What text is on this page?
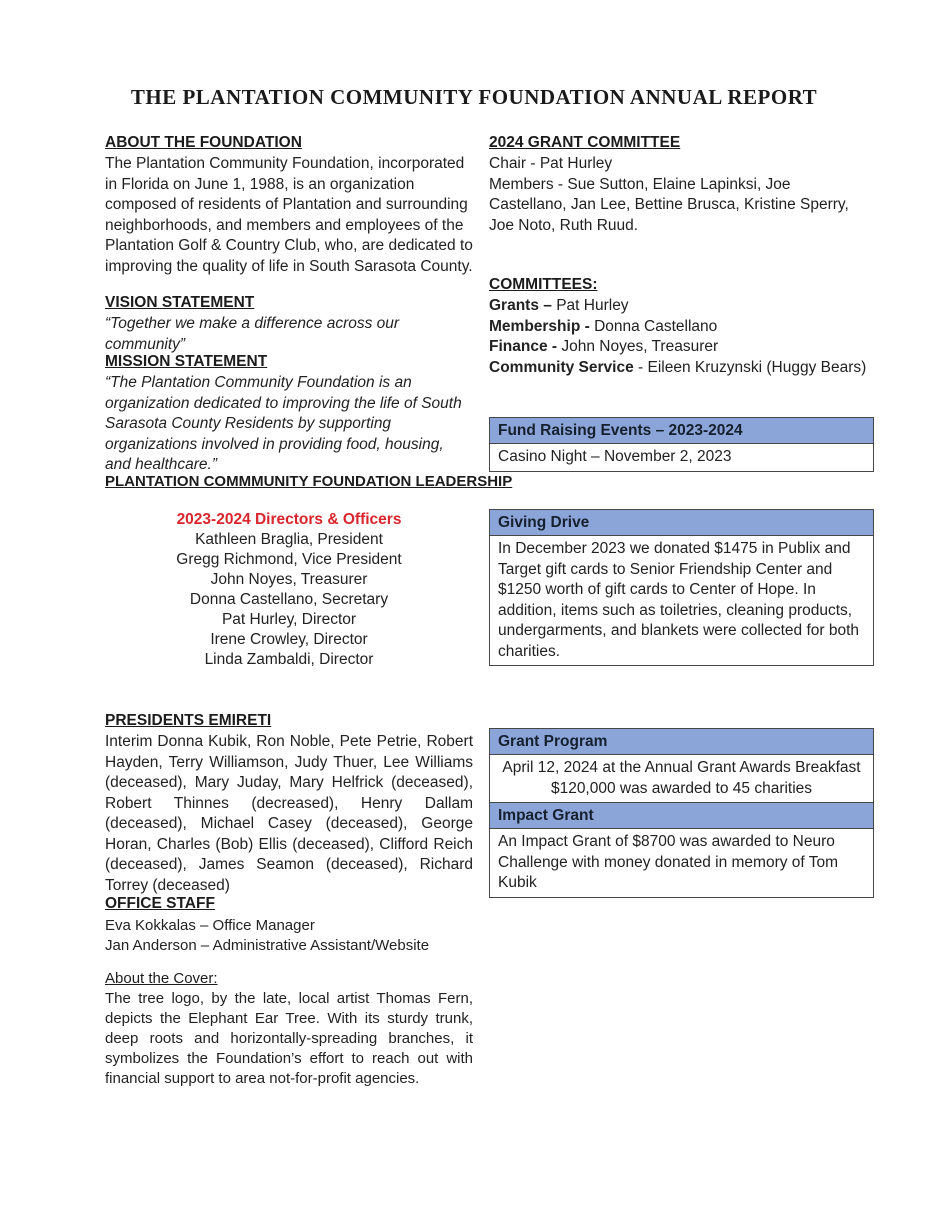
THE PLANTATION COMMUNITY FOUNDATION ANNUAL REPORT
ABOUT THE FOUNDATION
The Plantation Community Foundation, incorporated in Florida on June 1, 1988, is an organization composed of residents of Plantation and surrounding neighborhoods, and members and employees of the Plantation Golf & Country Club, who, are dedicated to improving the quality of life in South Sarasota County.
VISION STATEMENT
“Together we make a difference across our community”
MISSION STATEMENT
“The Plantation Community Foundation is an organization dedicated to improving the life of South Sarasota County Residents by supporting organizations involved in providing food, housing, and healthcare.”
PLANTATION COMMMUNITY FOUNDATION LEADERSHIP
2023-2024 Directors & Officers
Kathleen Braglia, President
Gregg Richmond, Vice President
John Noyes, Treasurer
Donna Castellano, Secretary
Pat Hurley, Director
Irene Crowley, Director
Linda Zambaldi, Director
PRESIDENTS EMIRETI
Interim Donna Kubik, Ron Noble, Pete Petrie, Robert Hayden, Terry Williamson, Judy Thuer, Lee Williams (deceased), Mary Juday, Mary Helfrick (deceased), Robert Thinnes (decreased), Henry Dallam (deceased), Michael Casey (deceased), George Horan, Charles (Bob) Ellis (deceased), Clifford Reich (deceased), James Seamon (deceased), Richard Torrey (deceased)
OFFICE STAFF
Eva Kokkalas – Office Manager
Jan Anderson – Administrative Assistant/Website
About the Cover:
The tree logo, by the late, local artist Thomas Fern, depicts the Elephant Ear Tree. With its sturdy trunk, deep roots and horizontally-spreading branches, it symbolizes the Foundation’s effort to reach out with financial support to area not-for-profit agencies.
2024 GRANT COMMITTEE
Chair - Pat Hurley
Members - Sue Sutton, Elaine Lapinksi, Joe Castellano, Jan Lee, Bettine Brusca, Kristine Sperry, Joe Noto, Ruth Ruud.
COMMITTEES:
Grants – Pat Hurley
Membership - Donna Castellano
Finance - John Noyes, Treasurer
Community Service - Eileen Kruzynski (Huggy Bears)
Fund Raising Events – 2023-2024
Casino Night – November 2, 2023
Giving Drive
In December 2023 we donated $1475 in Publix and Target gift cards to Senior Friendship Center and $1250 worth of gift cards to Center of Hope. In addition, items such as toiletries, cleaning products, undergarments, and blankets were collected for both charities.
Grant Program
April 12, 2024 at the Annual Grant Awards Breakfast
$120,000 was awarded to 45 charities
Impact Grant
An Impact Grant of $8700 was awarded to Neuro Challenge with money donated in memory of Tom Kubik
